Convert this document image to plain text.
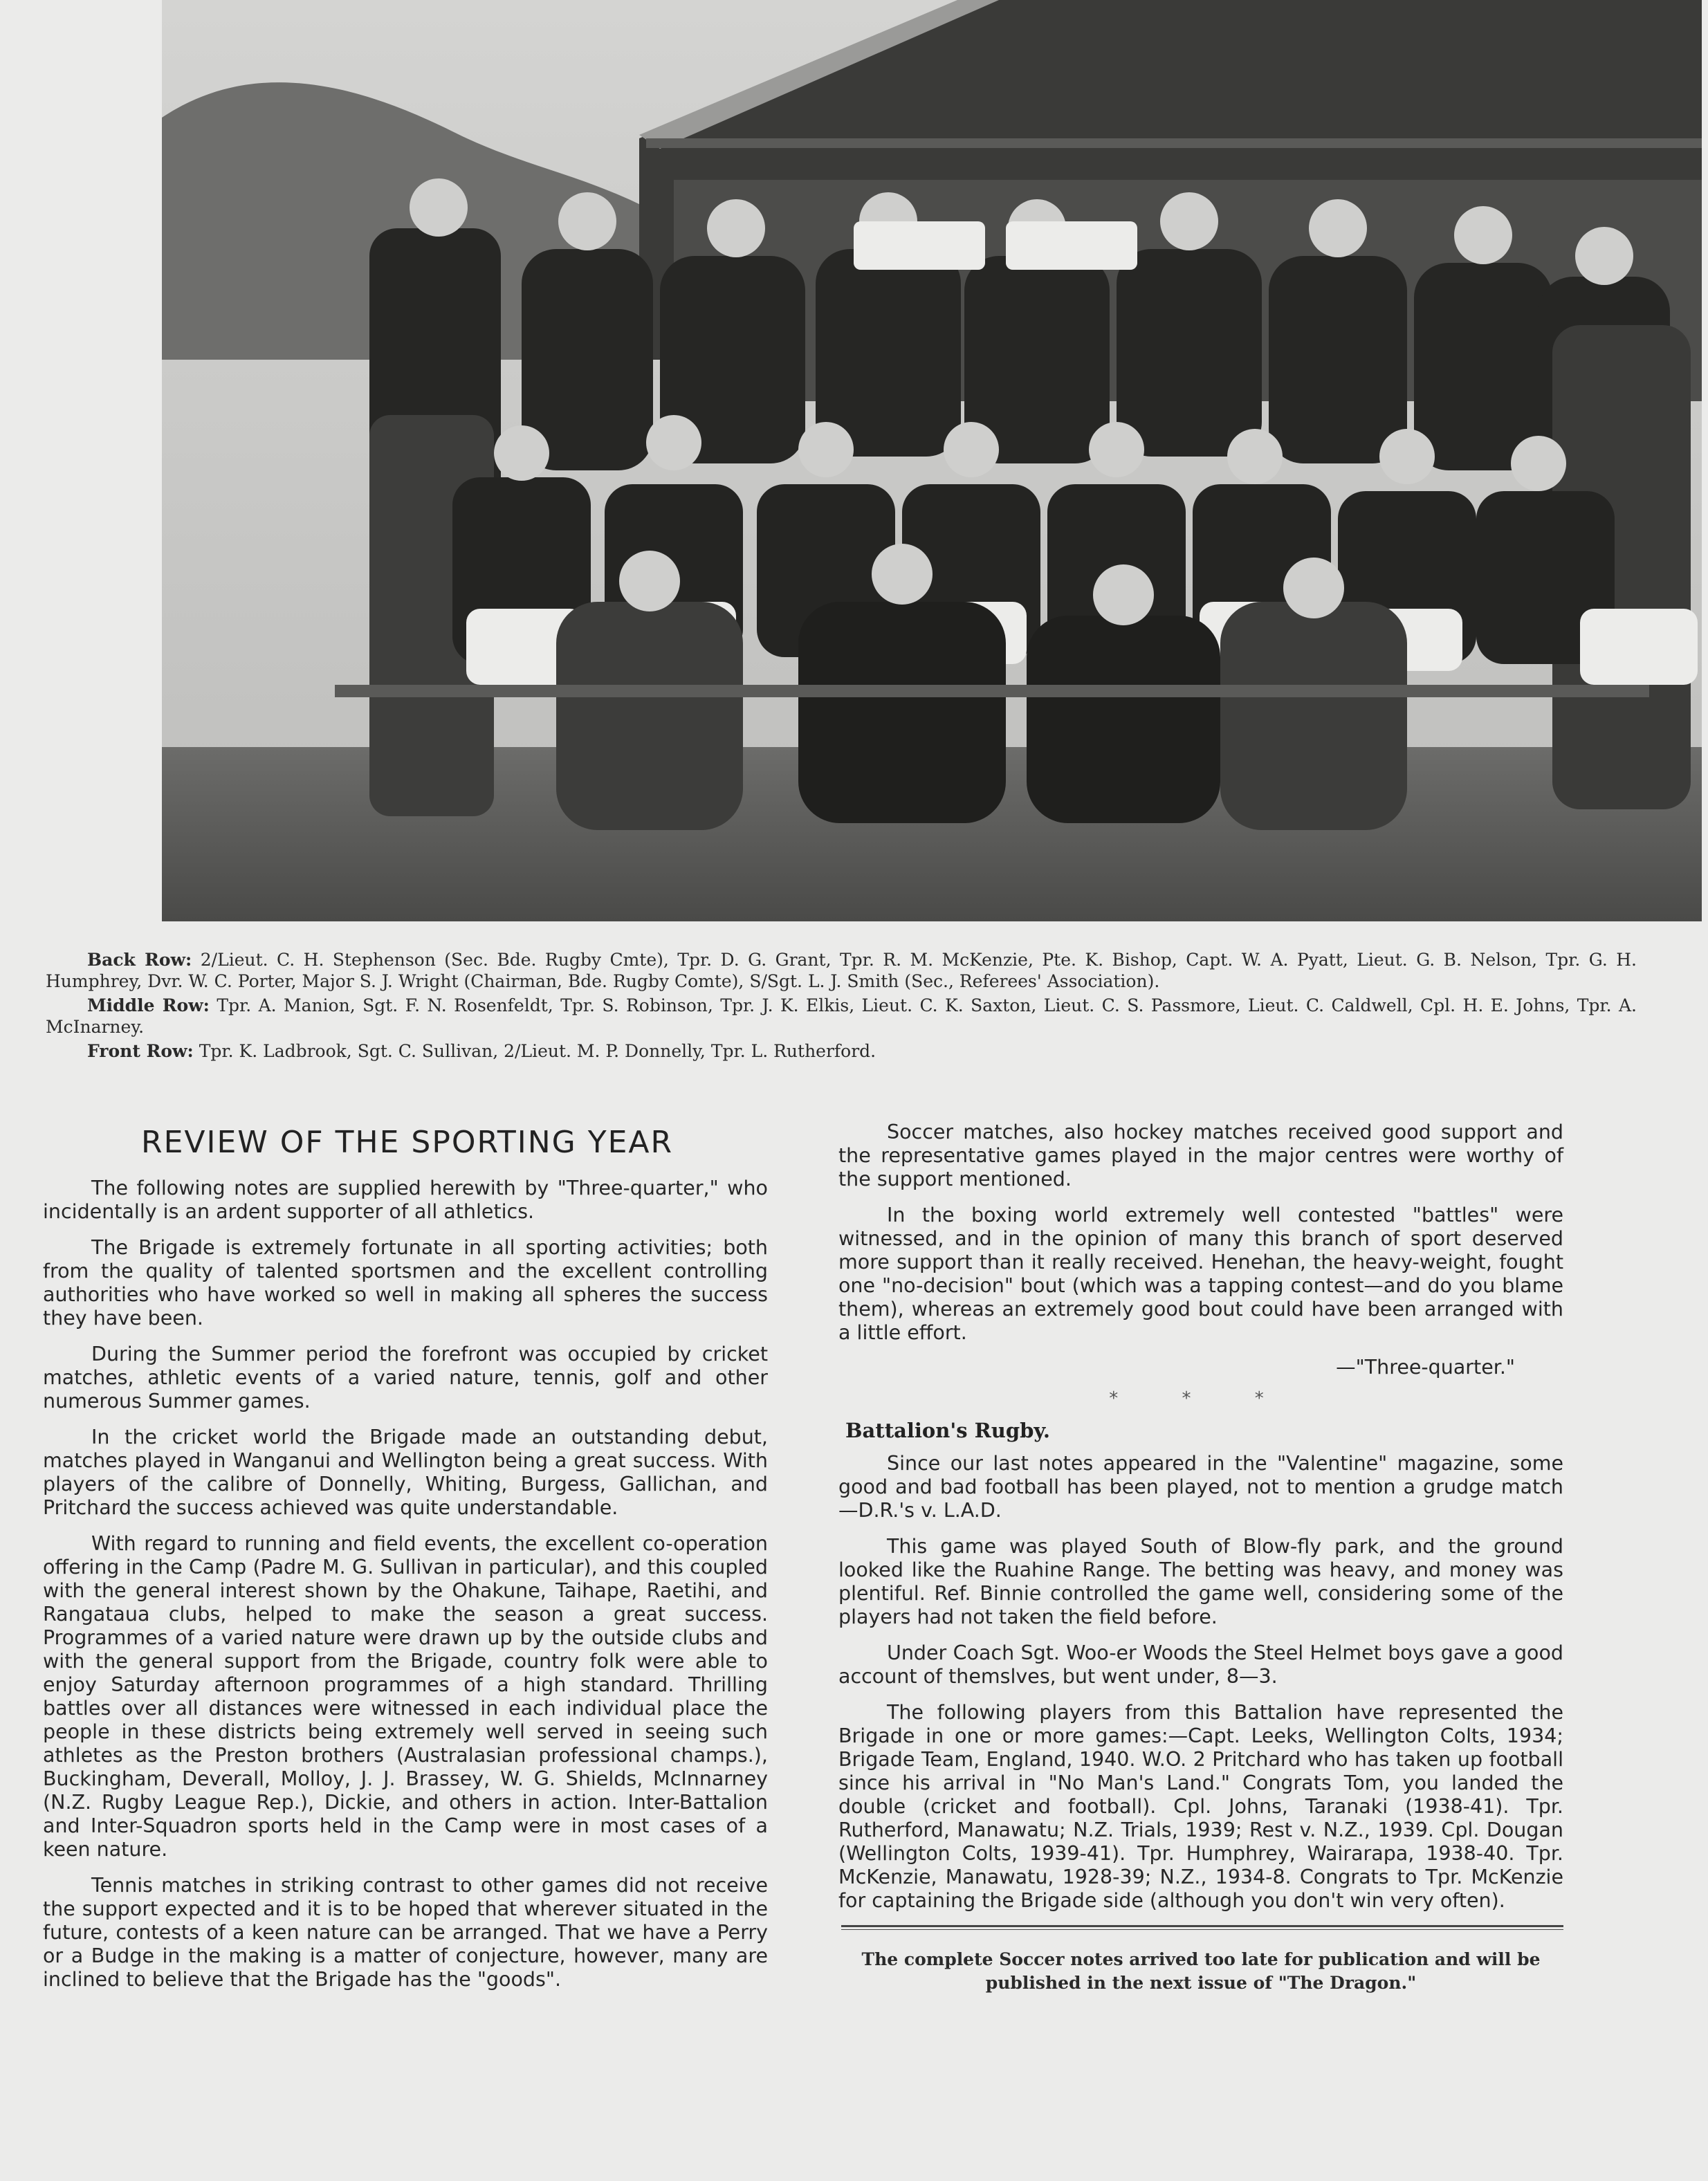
Back Row: 2/Lieut. C. H. Stephenson (Sec. Bde. Rugby Cmte), Tpr. D. G. Grant, Tpr. R. M. McKenzie, Pte. K. Bishop, Capt. W. A. Pyatt, Lieut. G. B. Nelson, Tpr. G. H. Humphrey, Dvr. W. C. Porter, Major S. J. Wright (Chairman, Bde. Rugby Comte), S/Sgt. L. J. Smith (Sec., Referees' Association).

Middle Row: Tpr. A. Manion, Sgt. F. N. Rosenfeldt, Tpr. S. Robinson, Tpr. J. K. Elkis, Lieut. C. K. Saxton, Lieut. C. S. Passmore, Lieut. C. Caldwell, Cpl. H. E. Johns, Tpr. A. McInarney.

Front Row: Tpr. K. Ladbrook, Sgt. C. Sullivan, 2/Lieut. M. P. Donnelly, Tpr. L. Rutherford.

REVIEW OF THE SPORTING YEAR

The following notes are supplied herewith by "Three-quarter," who incidentally is an ardent supporter of all athletics.

The Brigade is extremely fortunate in all sporting activities; both from the quality of talented sportsmen and the excellent controlling authorities who have worked so well in making all spheres the success they have been.

During the Summer period the forefront was occupied by cricket matches, athletic events of a varied nature, tennis, golf and other numerous Summer games.

In the cricket world the Brigade made an outstanding debut, matches played in Wanganui and Wellington being a great success. With players of the calibre of Donnelly, Whiting, Burgess, Gallichan, and Pritchard the success achieved was quite understandable.

With regard to running and field events, the excellent co-operation offering in the Camp (Padre M. G. Sullivan in particular), and this coupled with the general interest shown by the Ohakune, Taihape, Raetihi, and Rangataua clubs, helped to make the season a great success. Programmes of a varied nature were drawn up by the outside clubs and with the general support from the Brigade, country folk were able to enjoy Saturday afternoon programmes of a high standard. Thrilling battles over all distances were witnessed in each individual place the people in these districts being extremely well served in seeing such athletes as the Preston brothers (Australasian professional champs.), Buckingham, Deverall, Molloy, J. J. Brassey, W. G. Shields, McInnarney (N.Z. Rugby League Rep.), Dickie, and others in action. Inter-Battalion and Inter-Squadron sports held in the Camp were in most cases of a keen nature.

Tennis matches in striking contrast to other games did not receive the support expected and it is to be hoped that wherever situated in the future, contests of a keen nature can be arranged. That we have a Perry or a Budge in the making is a matter of conjecture, however, many are inclined to believe that the Brigade has the "goods".

Soccer matches, also hockey matches received good support and the representative games played in the major centres were worthy of the support mentioned.

In the boxing world extremely well contested "battles" were witnessed, and in the opinion of many this branch of sport deserved more support than it really received. Henehan, the heavy-weight, fought one "no-decision" bout (which was a tapping contest—and do you blame them), whereas an extremely good bout could have been arranged with a little effort.

—"Three-quarter."
* * *
Battalion's Rugby.

Since our last notes appeared in the "Valentine" magazine, some good and bad football has been played, not to mention a grudge match—D.R.'s v. L.A.D.

This game was played South of Blow-fly park, and the ground looked like the Ruahine Range. The betting was heavy, and money was plentiful. Ref. Binnie controlled the game well, considering some of the players had not taken the field before.

Under Coach Sgt. Woo-er Woods the Steel Helmet boys gave a good account of themslves, but went under, 8—3.

The following players from this Battalion have represented the Brigade in one or more games:—Capt. Leeks, Wellington Colts, 1934; Brigade Team, England, 1940. W.O. 2 Pritchard who has taken up football since his arrival in "No Man's Land." Congrats Tom, you landed the double (cricket and football). Cpl. Johns, Taranaki (1938-41). Tpr. Rutherford, Manawatu; N.Z. Trials, 1939; Rest v. N.Z., 1939. Cpl. Dougan (Wellington Colts, 1939-41). Tpr. Humphrey, Wairarapa, 1938-40. Tpr. McKenzie, Manawatu, 1928-39; N.Z., 1934-8. Congrats to Tpr. McKenzie for captaining the Brigade side (although you don't win very often).

The complete Soccer notes arrived too late for publication and will be published in the next issue of "The Dragon."
